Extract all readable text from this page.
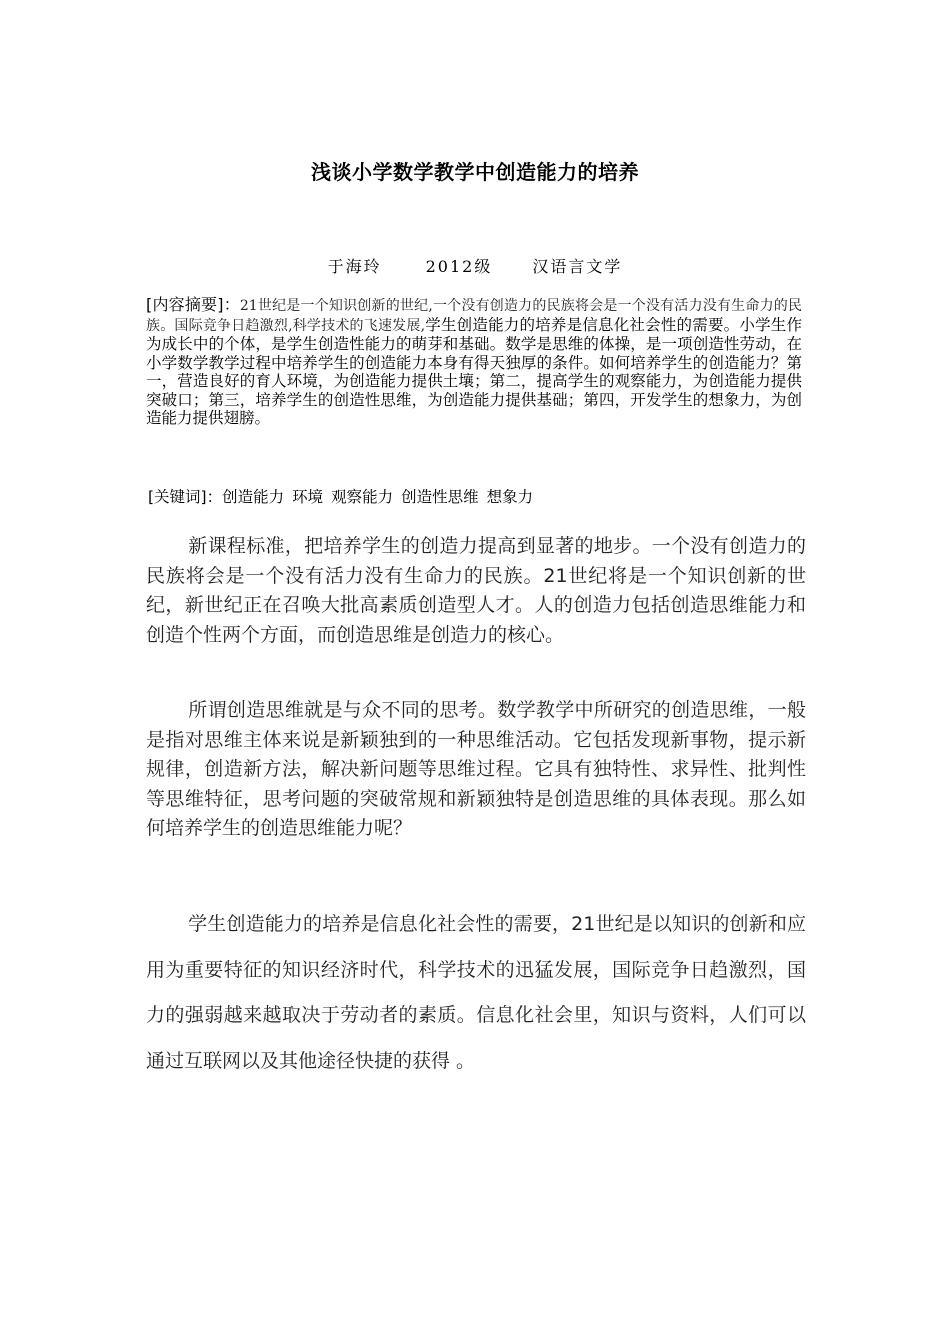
浅谈小学数学教学中创造能力的培养
于海玲	2012级	汉语言文学
[内容摘要]：21世纪是一个知识创新的世纪,一个没有创造力的民族将会是一个没有活力没有生命力的民族。国际竞争日趋激烈,科学技术的飞速发展,学生创造能力的培养是信息化社会性的需要。小学生作为成长中的个体，是学生创造性能力的萌芽和基础。数学是思维的体操，是一项创造性劳动，在小学数学教学过程中培养学生的创造能力本身有得天独厚的条件。如何培养学生的创造能力？第一，营造良好的育人环境，为创造能力提供土壤；第二，提高学生的观察能力，为创造能力提供突破口；第三，培养学生的创造性思维，为创造能力提供基础；第四，开发学生的想象力，为创造能力提供翅膀。
[关键词]：创造能力 环境 观察能力 创造性思维 想象力
新课程标准，把培养学生的创造力提高到显著的地步。一个没有创造力的民族将会是一个没有活力没有生命力的民族。21世纪将是一个知识创新的世纪，新世纪正在召唤大批高素质创造型人才。人的创造力包括创造思维能力和创造个性两个方面，而创造思维是创造力的核心。
所谓创造思维就是与众不同的思考。数学教学中所研究的创造思维，一般是指对思维主体来说是新颖独到的一种思维活动。它包括发现新事物，提示新规律，创造新方法，解决新问题等思维过程。它具有独特性、求异性、批判性等思维特征，思考问题的突破常规和新颖独特是创造思维的具体表现。那么如何培养学生的创造思维能力呢？
学生创造能力的培养是信息化社会性的需要，21世纪是以知识的创新和应用为重要特征的知识经济时代，科学技术的迅猛发展，国际竞争日趋激烈，国力的强弱越来越取决于劳动者的素质。信息化社会里，知识与资料，人们可以通过互联网以及其他途径快捷的获得 。
